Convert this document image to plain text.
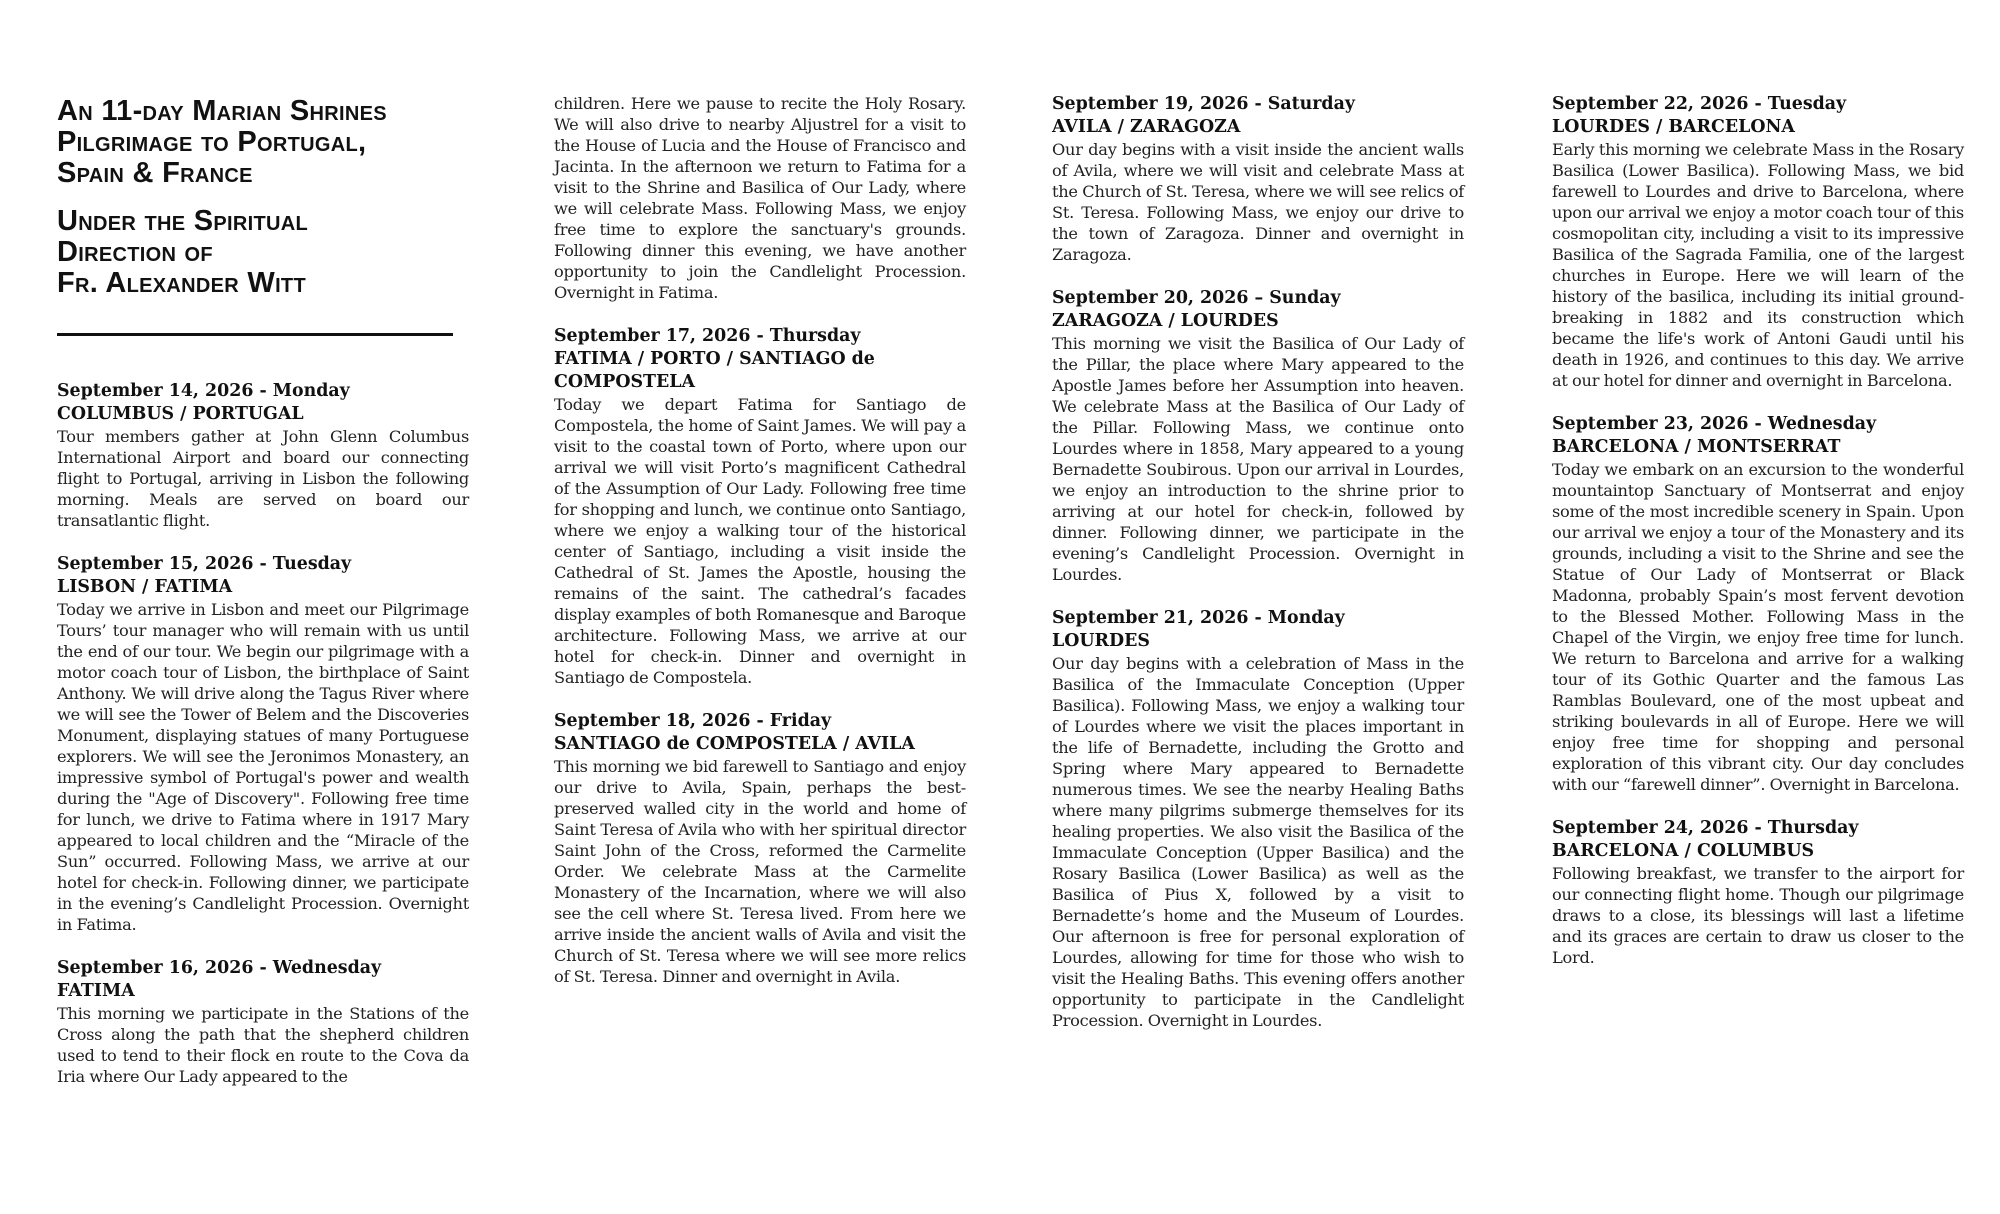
An 11-day Marian Shrines
Pilgrimage to Portugal,
Spain & France
Under the Spiritual
Direction of
Fr. Alexander Witt
September 14, 2026 - Monday
COLUMBUS / PORTUGAL

Tour members gather at John Glenn Columbus International Airport and board our connecting flight to Portugal, arriving in Lisbon the following morning. Meals are served on board our transatlantic flight.

September 15, 2026 - Tuesday
LISBON / FATIMA

Today we arrive in Lisbon and meet our Pilgrimage Tours’ tour manager who will remain with us until the end of our tour. We begin our pilgrimage with a motor coach tour of Lisbon, the birthplace of Saint Anthony. We will drive along the Tagus River where we will see the Tower of Belem and the Discoveries Monument, displaying statues of many Portuguese explorers. We will see the Jeronimos Monastery, an impressive symbol of Portugal's power and wealth during the "Age of Discovery". Following free time for lunch, we drive to Fatima where in 1917 Mary appeared to local children and the “Miracle of the Sun” occurred. Following Mass, we arrive at our hotel for check-in. Following dinner, we participate in the evening’s Candlelight Procession. Overnight in Fatima.

September 16, 2026 - Wednesday
FATIMA

This morning we participate in the Stations of the Cross along the path that the shepherd children used to tend to their flock en route to the Cova da Iria where Our Lady appeared to the

children. Here we pause to recite the Holy Rosary. We will also drive to nearby Aljustrel for a visit to the House of Lucia and the House of Francisco and Jacinta. In the afternoon we return to Fatima for a visit to the Shrine and Basilica of Our Lady, where we will celebrate Mass. Following Mass, we enjoy free time to explore the sanctuary's grounds. Following dinner this evening, we have another opportunity to join the Candlelight Procession. Overnight in Fatima.

September 17, 2026 - Thursday
FATIMA / PORTO / SANTIAGO de COMPOSTELA

Today we depart Fatima for Santiago de Compostela, the home of Saint James. We will pay a visit to the coastal town of Porto, where upon our arrival we will visit Porto’s magnificent Cathedral of the Assumption of Our Lady. Following free time for shopping and lunch, we continue onto Santiago, where we enjoy a walking tour of the historical center of Santiago, including a visit inside the Cathedral of St. James the Apostle, housing the remains of the saint. The cathedral’s facades display examples of both Romanesque and Baroque architecture. Following Mass, we arrive at our hotel for check-in. Dinner and overnight in Santiago de Compostela.

September 18, 2026 - Friday
SANTIAGO de COMPOSTELA / AVILA

This morning we bid farewell to Santiago and enjoy our drive to Avila, Spain, perhaps the best-preserved walled city in the world and home of Saint Teresa of Avila who with her spiritual director Saint John of the Cross, reformed the Carmelite Order. We celebrate Mass at the Carmelite Monastery of the Incarnation, where we will also see the cell where St. Teresa lived. From here we arrive inside the ancient walls of Avila and visit the Church of St. Teresa where we will see more relics of St. Teresa. Dinner and overnight in Avila.

September 19, 2026 - Saturday
AVILA / ZARAGOZA

Our day begins with a visit inside the ancient walls of Avila, where we will visit and celebrate Mass at the Church of St. Teresa, where we will see relics of St. Teresa. Following Mass, we enjoy our drive to the town of Zaragoza. Dinner and overnight in Zaragoza.

September 20, 2026 – Sunday
ZARAGOZA / LOURDES

This morning we visit the Basilica of Our Lady of the Pillar, the place where Mary appeared to the Apostle James before her Assumption into heaven. We celebrate Mass at the Basilica of Our Lady of the Pillar. Following Mass, we continue onto Lourdes where in 1858, Mary appeared to a young Bernadette Soubirous. Upon our arrival in Lourdes, we enjoy an introduction to the shrine prior to arriving at our hotel for check-in, followed by dinner. Following dinner, we participate in the evening’s Candlelight Procession. Overnight in Lourdes.

September 21, 2026 - Monday
LOURDES

Our day begins with a celebration of Mass in the Basilica of the Immaculate Conception (Upper Basilica). Following Mass, we enjoy a walking tour of Lourdes where we visit the places important in the life of Bernadette, including the Grotto and Spring where Mary appeared to Bernadette numerous times. We see the nearby Healing Baths where many pilgrims submerge themselves for its healing properties. We also visit the Basilica of the Immaculate Conception (Upper Basilica) and the Rosary Basilica (Lower Basilica) as well as the Basilica of Pius X, followed by a visit to Bernadette’s home and the Museum of Lourdes. Our afternoon is free for personal exploration of Lourdes, allowing for time for those who wish to visit the Healing Baths. This evening offers another opportunity to participate in the Candlelight Procession. Overnight in Lourdes.

September 22, 2026 - Tuesday
LOURDES / BARCELONA

Early this morning we celebrate Mass in the Rosary Basilica (Lower Basilica). Following Mass, we bid farewell to Lourdes and drive to Barcelona, where upon our arrival we enjoy a motor coach tour of this cosmopolitan city, including a visit to its impressive Basilica of the Sagrada Familia, one of the largest churches in Europe. Here we will learn of the history of the basilica, including its initial ground-breaking in 1882 and its construction which became the life's work of Antoni Gaudi until his death in 1926, and continues to this day. We arrive at our hotel for dinner and overnight in Barcelona.

September 23, 2026 - Wednesday
BARCELONA / MONTSERRAT

Today we embark on an excursion to the wonderful mountaintop Sanctuary of Montserrat and enjoy some of the most incredible scenery in Spain. Upon our arrival we enjoy a tour of the Monastery and its grounds, including a visit to the Shrine and see the Statue of Our Lady of Montserrat or Black Madonna, probably Spain’s most fervent devotion to the Blessed Mother. Following Mass in the Chapel of the Virgin, we enjoy free time for lunch. We return to Barcelona and arrive for a walking tour of its Gothic Quarter and the famous Las Ramblas Boulevard, one of the most upbeat and striking boulevards in all of Europe. Here we will enjoy free time for shopping and personal exploration of this vibrant city. Our day concludes with our “farewell dinner”. Overnight in Barcelona.

September 24, 2026 - Thursday
BARCELONA / COLUMBUS

Following breakfast, we transfer to the airport for our connecting flight home. Though our pilgrimage draws to a close, its blessings will last a lifetime and its graces are certain to draw us closer to the Lord.
